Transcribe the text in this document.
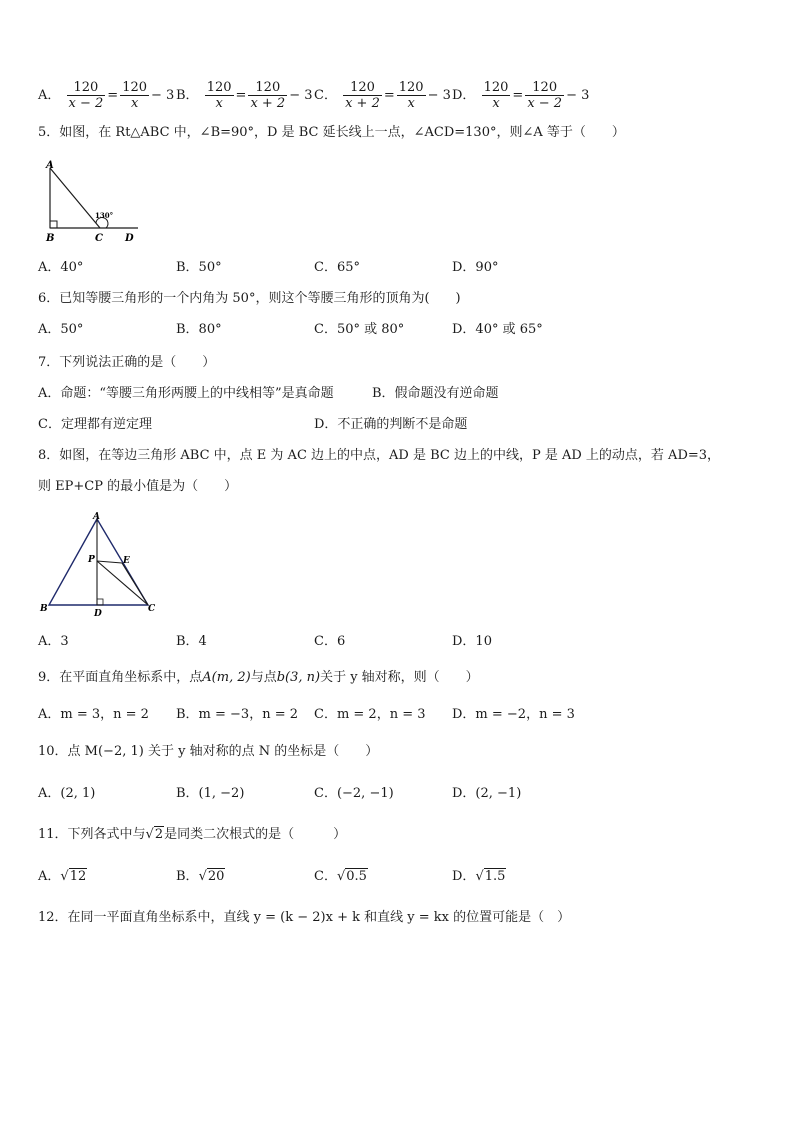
A． $\frac{120}{x - 2} = \frac{120}{x} - 3$ B． $\frac{120}{x} = \frac{120}{x + 2} - 3$ C． $\frac{120}{x + 2} = \frac{120}{x} - 3$ D． $\frac{120}{x} = \frac{120}{x - 2} - 3$
5．如图，在 Rt△ABC 中，∠B=90°，D 是 BC 延长线上一点，∠ACD=130°，则∠A 等于（　　）
A
B	C D
130°
A．40°	B．50°	C．65°	D．90°
6．已知等腰三角形的一个内角为 50°，则这个等腰三角形的顶角为(　　)
A．50°	B．80°	C．50° 或 80°	D．40° 或 65°
7．下列说法正确的是（　　）
A．命题：“等腰三角形两腰上的中线相等”是真命题	B．假命题没有逆命题
C．定理都有逆定理	D．不正确的判断不是命题
8．如图，在等边三角形 ABC 中，点 E 为 AC 边上的中点，AD 是 BC 边上的中线，P 是 AD 上的动点，若 AD=3，
则 EP+CP 的最小值是为（　　）
A
B	C
D
E
P
A．3	B．4	C．6	D．10
9．在平面直角坐标系中，点A(m, 2)与点b(3, n)关于 y 轴对称，则（　　）
A．m = 3，n = 2 B．m = −3，n = 2 C．m = 2，n = 3 D．m = −2，n = 3
10．点 M(−2, 1) 关于 y 轴对称的点 N 的坐标是（　　）
A．(2, 1)	B．(1, −2)	C．(−2, −1)	D．(2, −1)
11．下列各式中与√2是同类二次根式的是（　　　）
A．√12	B．√20	C．√0.5	D．√1.5
12．在同一平面直角坐标系中，直线 y = (k − 2)x + k 和直线 y = kx 的位置可能是（　）
